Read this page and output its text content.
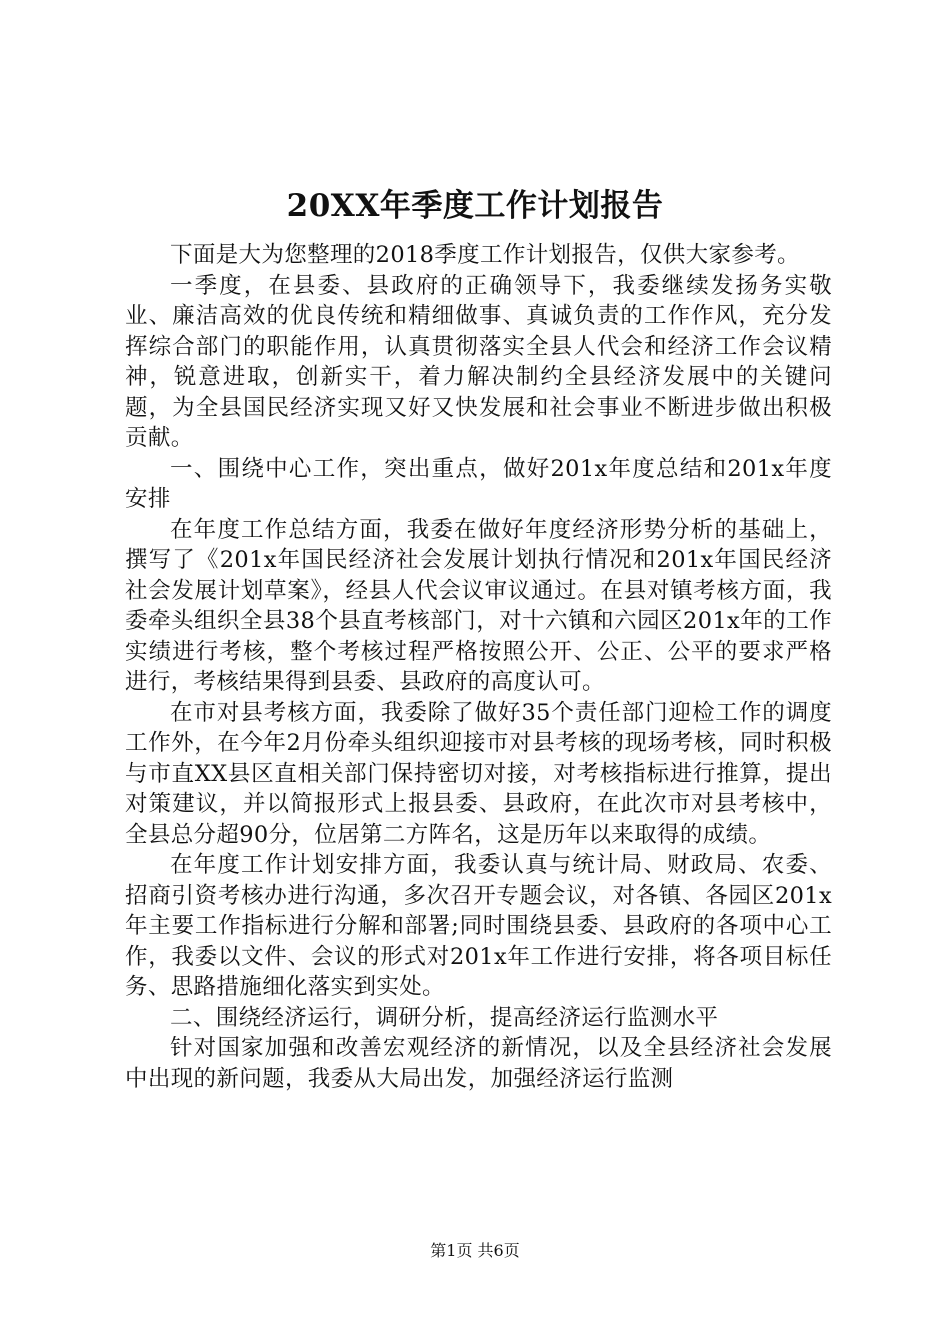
20XX年季度工作计划报告

下面是大为您整理的2018季度工作计划报告，仅供大家参考。

一季度，在县委、县政府的正确领导下，我委继续发扬务实敬业、廉洁高效的优良传统和精细做事、真诚负责的工作作风，充分发挥综合部门的职能作用，认真贯彻落实全县人代会和经济工作会议精神，锐意进取，创新实干，着力解决制约全县经济发展中的关键问题，为全县国民经济实现又好又快发展和社会事业不断进步做出积极贡献。

一、围绕中心工作，突出重点，做好201x年度总结和201x年度安排

在年度工作总结方面，我委在做好年度经济形势分析的基础上，撰写了《201x年国民经济社会发展计划执行情况和201x年国民经济社会发展计划草案》，经县人代会议审议通过。在县对镇考核方面，我委牵头组织全县38个县直考核部门，对十六镇和六园区201x年的工作实绩进行考核，整个考核过程严格按照公开、公正、公平的要求严格进行，考核结果得到县委、县政府的高度认可。

在市对县考核方面，我委除了做好35个责任部门迎检工作的调度工作外，在今年2月份牵头组织迎接市对县考核的现场考核，同时积极与市直XX县区直相关部门保持密切对接，对考核指标进行推算，提出对策建议，并以简报形式上报县委、县政府，在此次市对县考核中，全县总分超90分，位居第二方阵名，这是历年以来取得的成绩。

在年度工作计划安排方面，我委认真与统计局、财政局、农委、招商引资考核办进行沟通，多次召开专题会议，对各镇、各园区201x年主要工作指标进行分解和部署;同时围绕县委、县政府的各项中心工作，我委以文件、会议的形式对201x年工作进行安排，将各项目标任务、思路措施细化落实到实处。

二、围绕经济运行，调研分析，提高经济运行监测水平

针对国家加强和改善宏观经济的新情况，以及全县经济社会发展中出现的新问题，我委从大局出发，加强经济运行监测

第1页 共6页
